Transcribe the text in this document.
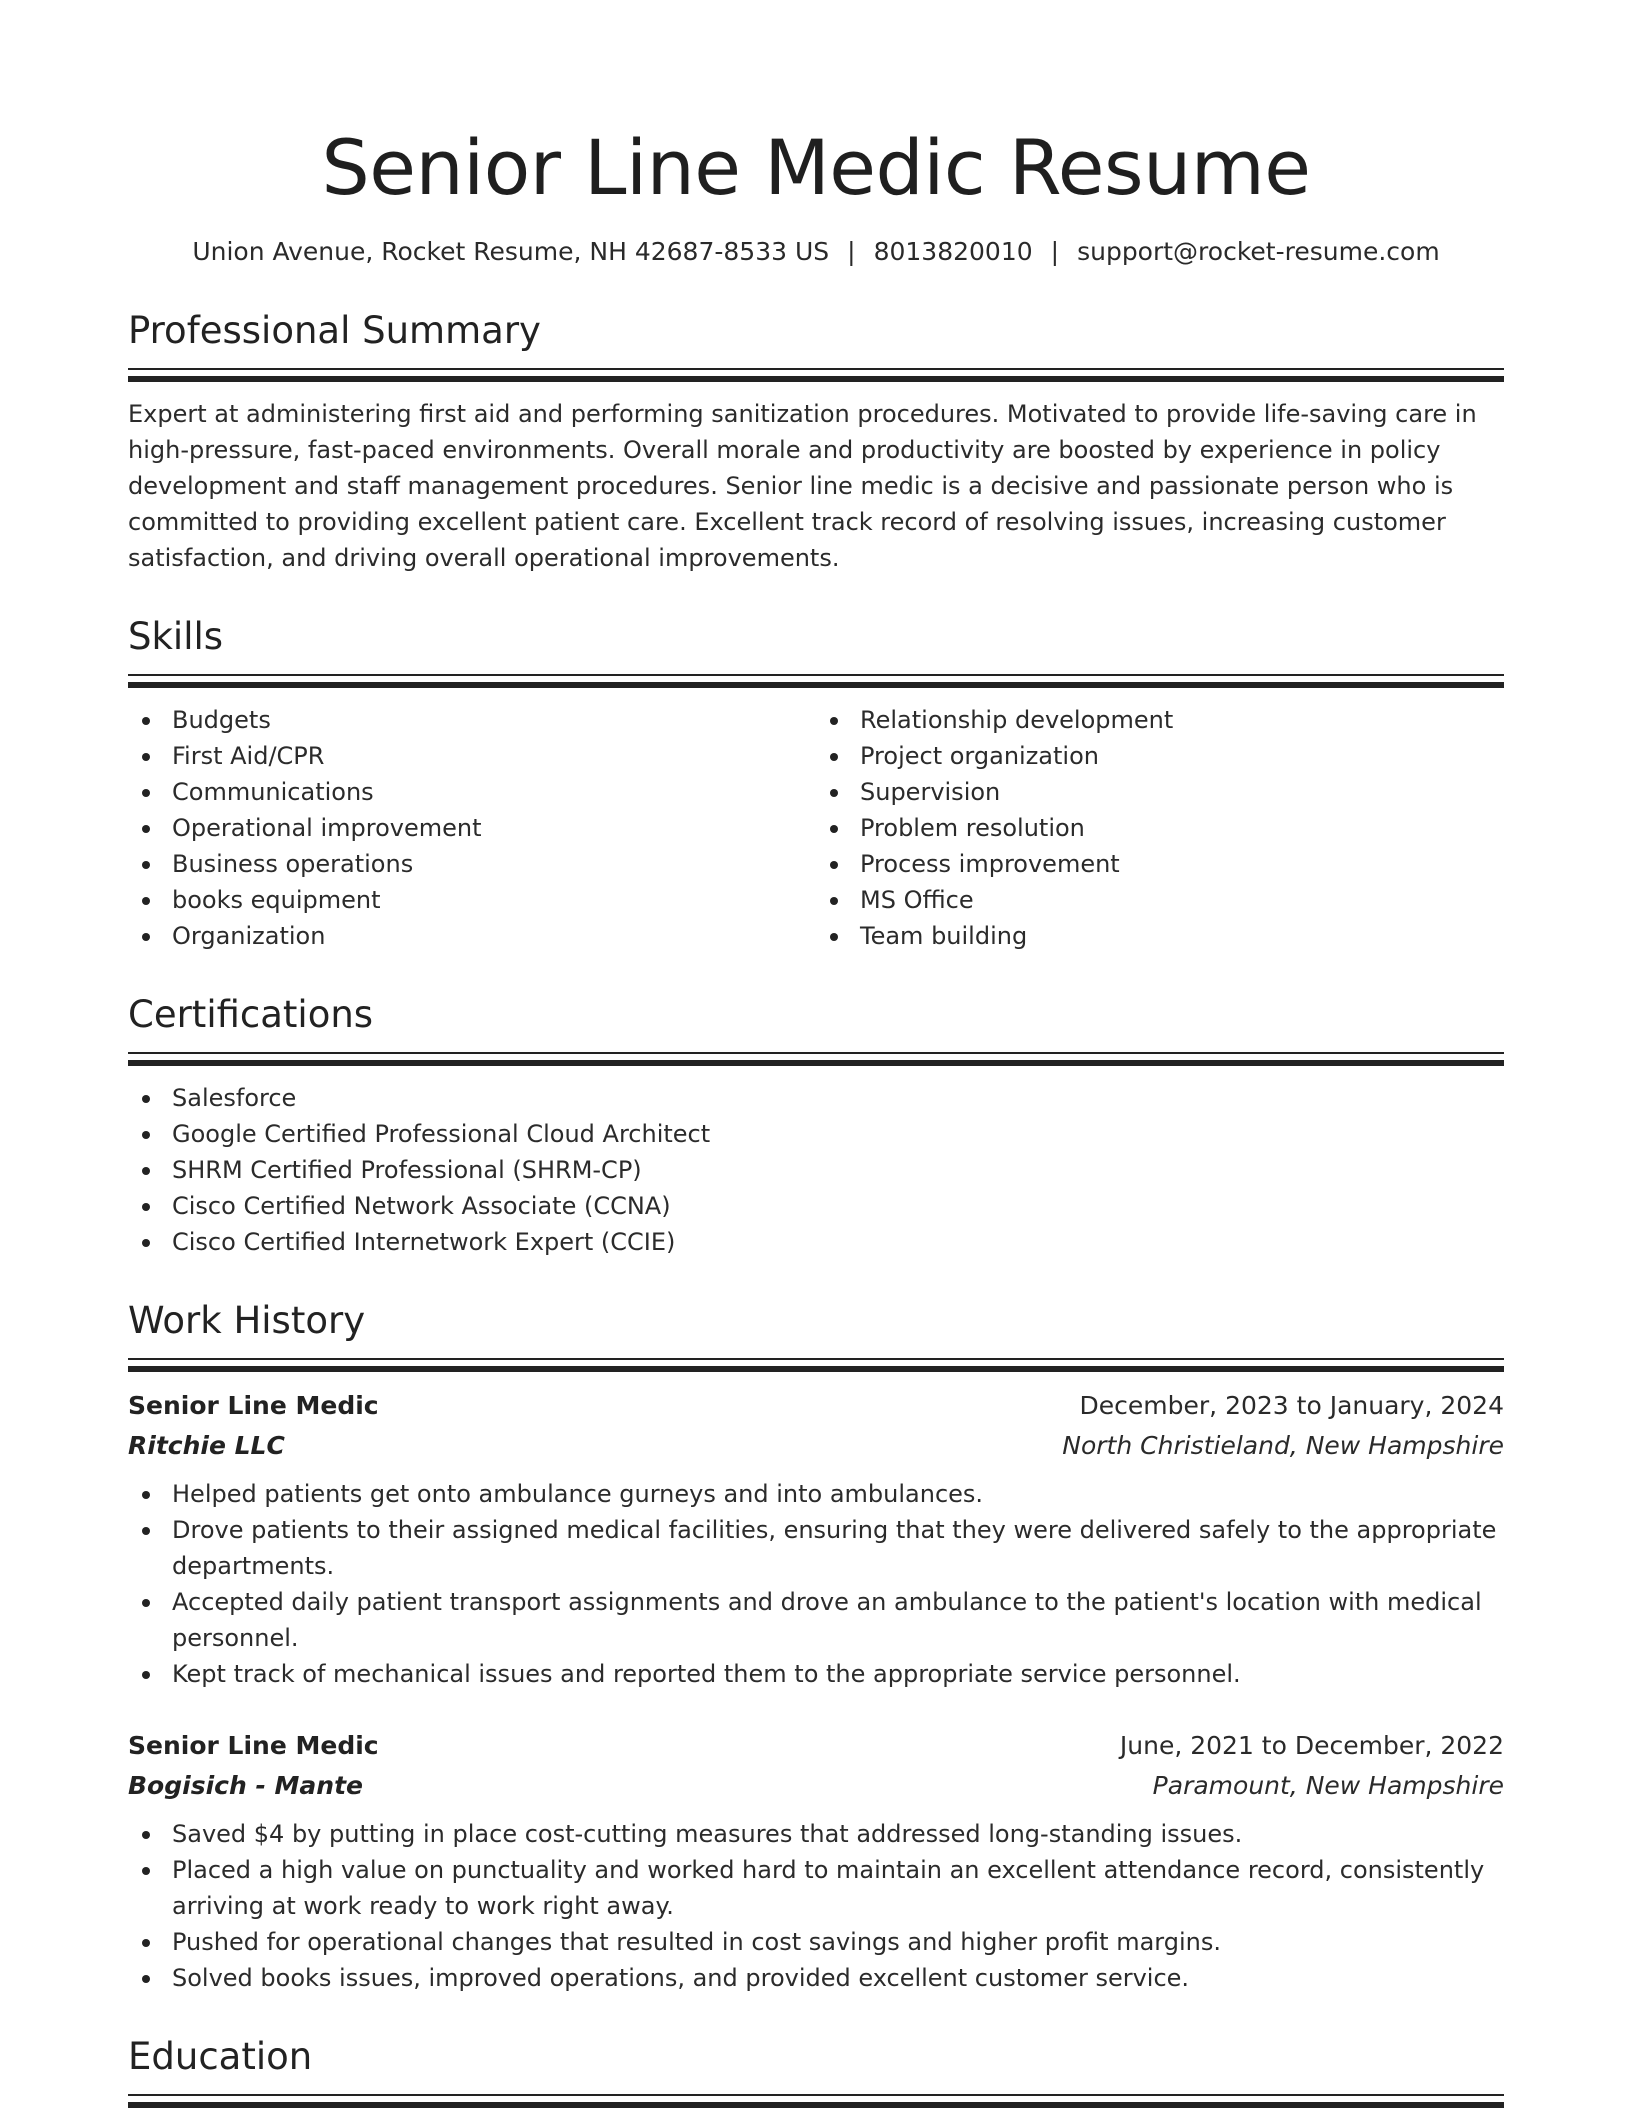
Senior Line Medic Resume
Union Avenue, Rocket Resume, NH 42687-8533 US | 8013820010 | support@rocket-resume.com
Professional Summary

Expert at administering first aid and performing sanitization procedures. Motivated to provide life-saving care in high-pressure, fast-paced environments. Overall morale and productivity are boosted by experience in policy development and staff management procedures. Senior line medic is a decisive and passionate person who is committed to providing excellent patient care. Excellent track record of resolving issues, increasing customer satisfaction, and driving overall operational improvements.

Skills
Budgets
First Aid/CPR
Communications
Operational improvement
Business operations
books equipment
Organization
Relationship development
Project organization
Supervision
Problem resolution
Process improvement
MS Office
Team building
Certifications
Salesforce
Google Certified Professional Cloud Architect
SHRM Certified Professional (SHRM-CP)
Cisco Certified Network Associate (CCNA)
Cisco Certified Internetwork Expert (CCIE)
Work History
Senior Line Medic	December, 2023 to January, 2024
Ritchie LLC	North Christieland, New Hampshire
Helped patients get onto ambulance gurneys and into ambulances.
Drove patients to their assigned medical facilities, ensuring that they were delivered safely to the appropriate departments.
Accepted daily patient transport assignments and drove an ambulance to the patient's location with medical personnel.
Kept track of mechanical issues and reported them to the appropriate service personnel.
Senior Line Medic	June, 2021 to December, 2022
Bogisich - Mante	Paramount, New Hampshire
Saved $4 by putting in place cost-cutting measures that addressed long-standing issues.
Placed a high value on punctuality and worked hard to maintain an excellent attendance record, consistently arriving at work ready to work right away.
Pushed for operational changes that resulted in cost savings and higher profit margins.
Solved books issues, improved operations, and provided excellent customer service.
Education
